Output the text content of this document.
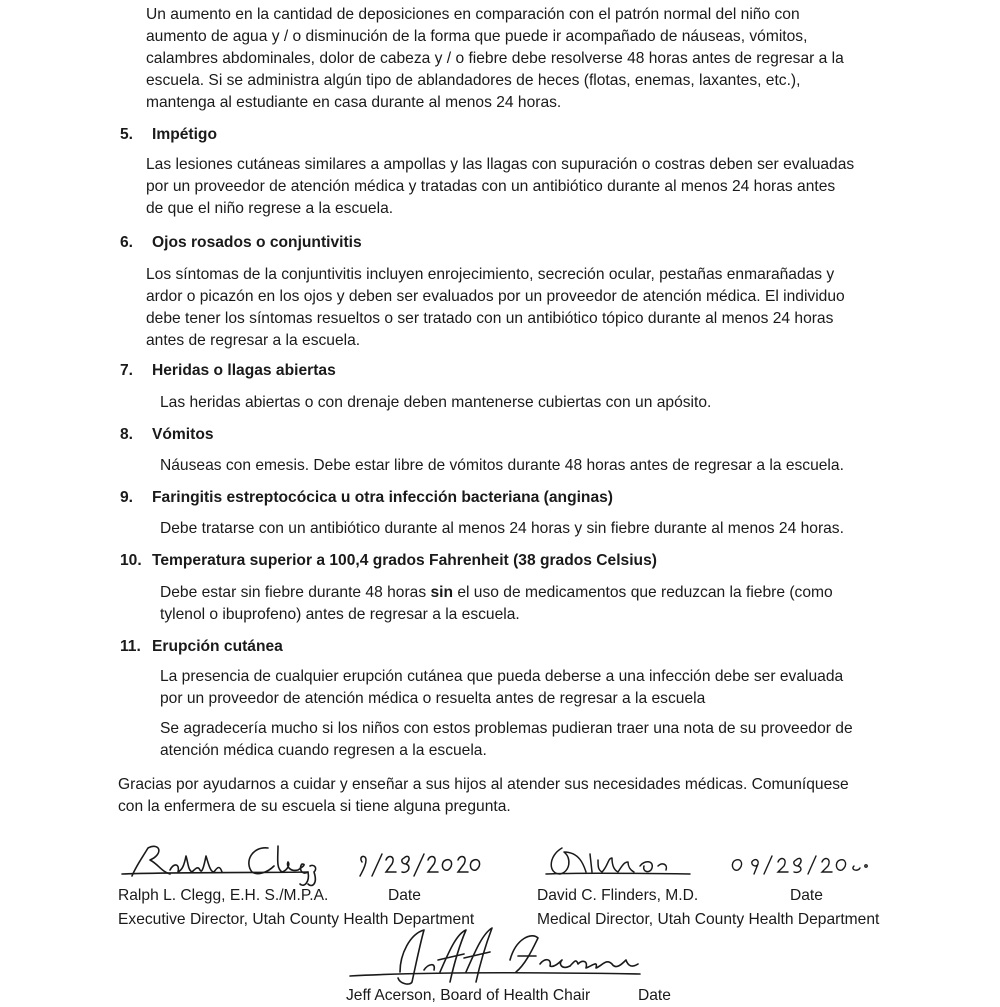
Un aumento en la cantidad de deposiciones en comparación con el patrón normal del niño con
aumento de agua y / o disminución de la forma que puede ir acompañado de náuseas, vómitos,
calambres abdominales, dolor de cabeza y / o fiebre debe resolverse 48 horas antes de regresar a la
escuela. Si se administra algún tipo de ablandadores de heces (flotas, enemas, laxantes, etc.),
mantenga al estudiante en casa durante al menos 24 horas.
5. Impétigo
Las lesiones cutáneas similares a ampollas y las llagas con supuración o costras deben ser evaluadas
por un proveedor de atención médica y tratadas con un antibiótico durante al menos 24 horas antes
de que el niño regrese a la escuela.
6. Ojos rosados o conjuntivitis
Los síntomas de la conjuntivitis incluyen enrojecimiento, secreción ocular, pestañas enmarañadas y
ardor o picazón en los ojos y deben ser evaluados por un proveedor de atención médica. El individuo
debe tener los síntomas resueltos o ser tratado con un antibiótico tópico durante al menos 24 horas
antes de regresar a la escuela.
7. Heridas o llagas abiertas
Las heridas abiertas o con drenaje deben mantenerse cubiertas con un apósito.
8. Vómitos
Náuseas con emesis. Debe estar libre de vómitos durante 48 horas antes de regresar a la escuela.
9. Faringitis estreptocócica u otra infección bacteriana (anginas)
Debe tratarse con un antibiótico durante al menos 24 horas y sin fiebre durante al menos 24 horas.
10. Temperatura superior a 100,4 grados Fahrenheit (38 grados Celsius)
Debe estar sin fiebre durante 48 horas sin el uso de medicamentos que reduzcan la fiebre (como
tylenol o ibuprofeno) antes de regresar a la escuela.
11. Erupción cutánea
La presencia de cualquier erupción cutánea que pueda deberse a una infección debe ser evaluada
por un proveedor de atención médica o resuelta antes de regresar a la escuela
Se agradecería mucho si los niños con estos problemas pudieran traer una nota de su proveedor de
atención médica cuando regresen a la escuela.
Gracias por ayudarnos a cuidar y enseñar a sus hijos al atender sus necesidades médicas. Comuníquese
con la enfermera de su escuela si tiene alguna pregunta.
Ralph L. Clegg, E.H. S./M.P.A.	Date
Executive Director, Utah County Health Department
David C. Flinders, M.D.	Date
Medical Director, Utah County Health Department
Jeff Acerson, Board of Health Chair	Date
